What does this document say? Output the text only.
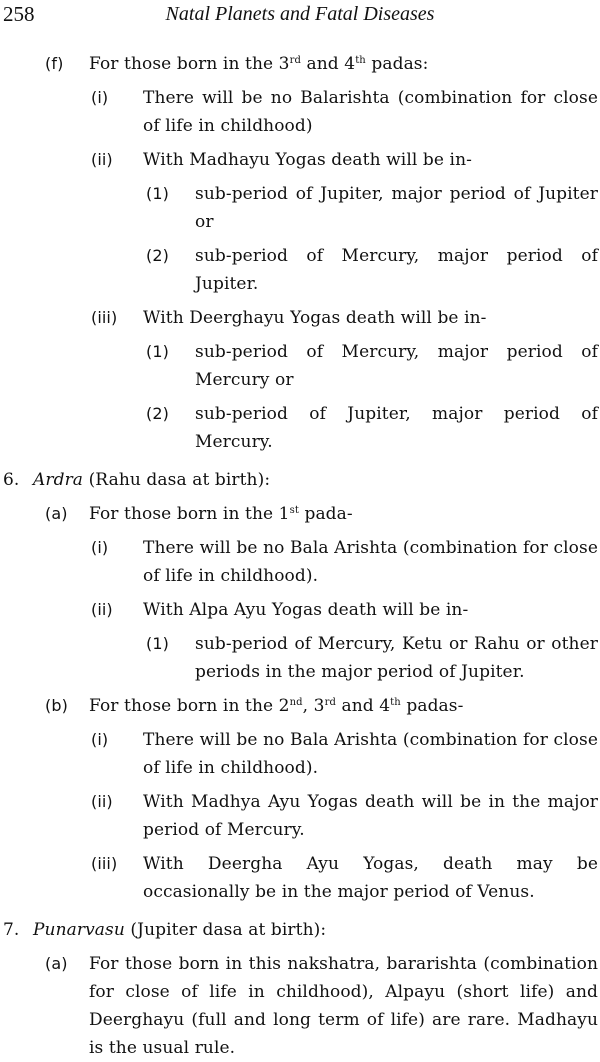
258	Natal Planets and Fatal Diseases
(f) For those born in the 3rd and 4th padas:
(i) There will be no Balarishta (combination for close of life in childhood)
(ii) With Madhayu Yogas death will be in-
(1) sub-period of Jupiter, major period of Jupiter or
(2) sub-period of Mercury, major period of Jupiter.
(iii) With Deerghayu Yogas death will be in-
(1) sub-period of Mercury, major period of Mercury or
(2) sub-period of Jupiter, major period of Mercury.
6. Ardra (Rahu dasa at birth):
(a) For those born in the 1st pada-
(i) There will be no Bala Arishta (combination for close of life in childhood).
(ii) With Alpa Ayu Yogas death will be in-
(1) sub-period of Mercury, Ketu or Rahu or other periods in the major period of Jupiter.
(b) For those born in the 2nd, 3rd and 4th padas-
(i) There will be no Bala Arishta (combination for close of life in childhood).
(ii) With Madhya Ayu Yogas death will be in the major period of Mercury.
(iii) With Deergha Ayu Yogas, death may be occasionally be in the major period of Venus.
7. Punarvasu (Jupiter dasa at birth):
(a) For those born in this nakshatra, bararishta (combination for close of life in childhood), Alpayu (short life) and Deerghayu (full and long term of life) are rare. Madhayu is the usual rule.
